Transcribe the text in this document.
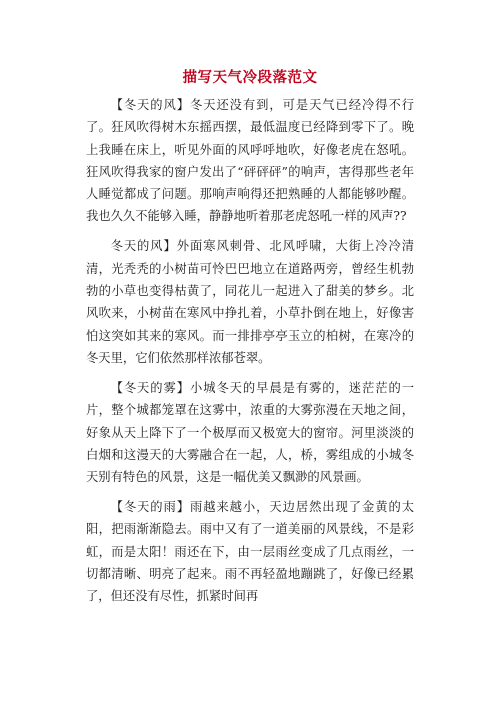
描写天气冷段落范文

【冬天的风】冬天还没有到，可是天气已经冷得不行了。狂风吹得树木东摇西摆，最低温度已经降到零下了。晚上我睡在床上，听见外面的风呼呼地吹，好像老虎在怒吼。狂风吹得我家的窗户发出了“砰砰砰”的响声，害得那些老年人睡觉都成了问题。那响声响得还把熟睡的人都能够吵醒。我也久久不能够入睡，静静地听着那老虎怒吼一样的风声??

冬天的风】外面寒风刺骨、北风呼啸，大街上冷冷清清，光秃秃的小树苗可怜巴巴地立在道路两旁，曾经生机勃勃的小草也变得枯黄了，同花儿一起进入了甜美的梦乡。北风吹来，小树苗在寒风中挣扎着，小草扑倒在地上，好像害怕这突如其来的寒风。而一排排亭亭玉立的柏树，在寒冷的冬天里，它们依然那样浓郁苍翠。

【冬天的雾】小城冬天的早晨是有雾的，迷茫茫的一片，整个城都笼罩在这雾中，浓重的大雾弥漫在天地之间，好象从天上降下了一个极厚而又极宽大的窗帘。河里淡淡的白烟和这漫天的大雾融合在一起，人，桥，雾组成的小城冬天别有特色的风景，这是一幅优美又飘渺的风景画。

【冬天的雨】雨越来越小，天边居然出现了金黄的太阳，把雨渐渐隐去。雨中又有了一道美丽的风景线，不是彩虹，而是太阳！雨还在下，由一层雨丝变成了几点雨丝，一切都清晰、明亮了起来。雨不再轻盈地蹦跳了，好像已经累了，但还没有尽性，抓紧时间再
